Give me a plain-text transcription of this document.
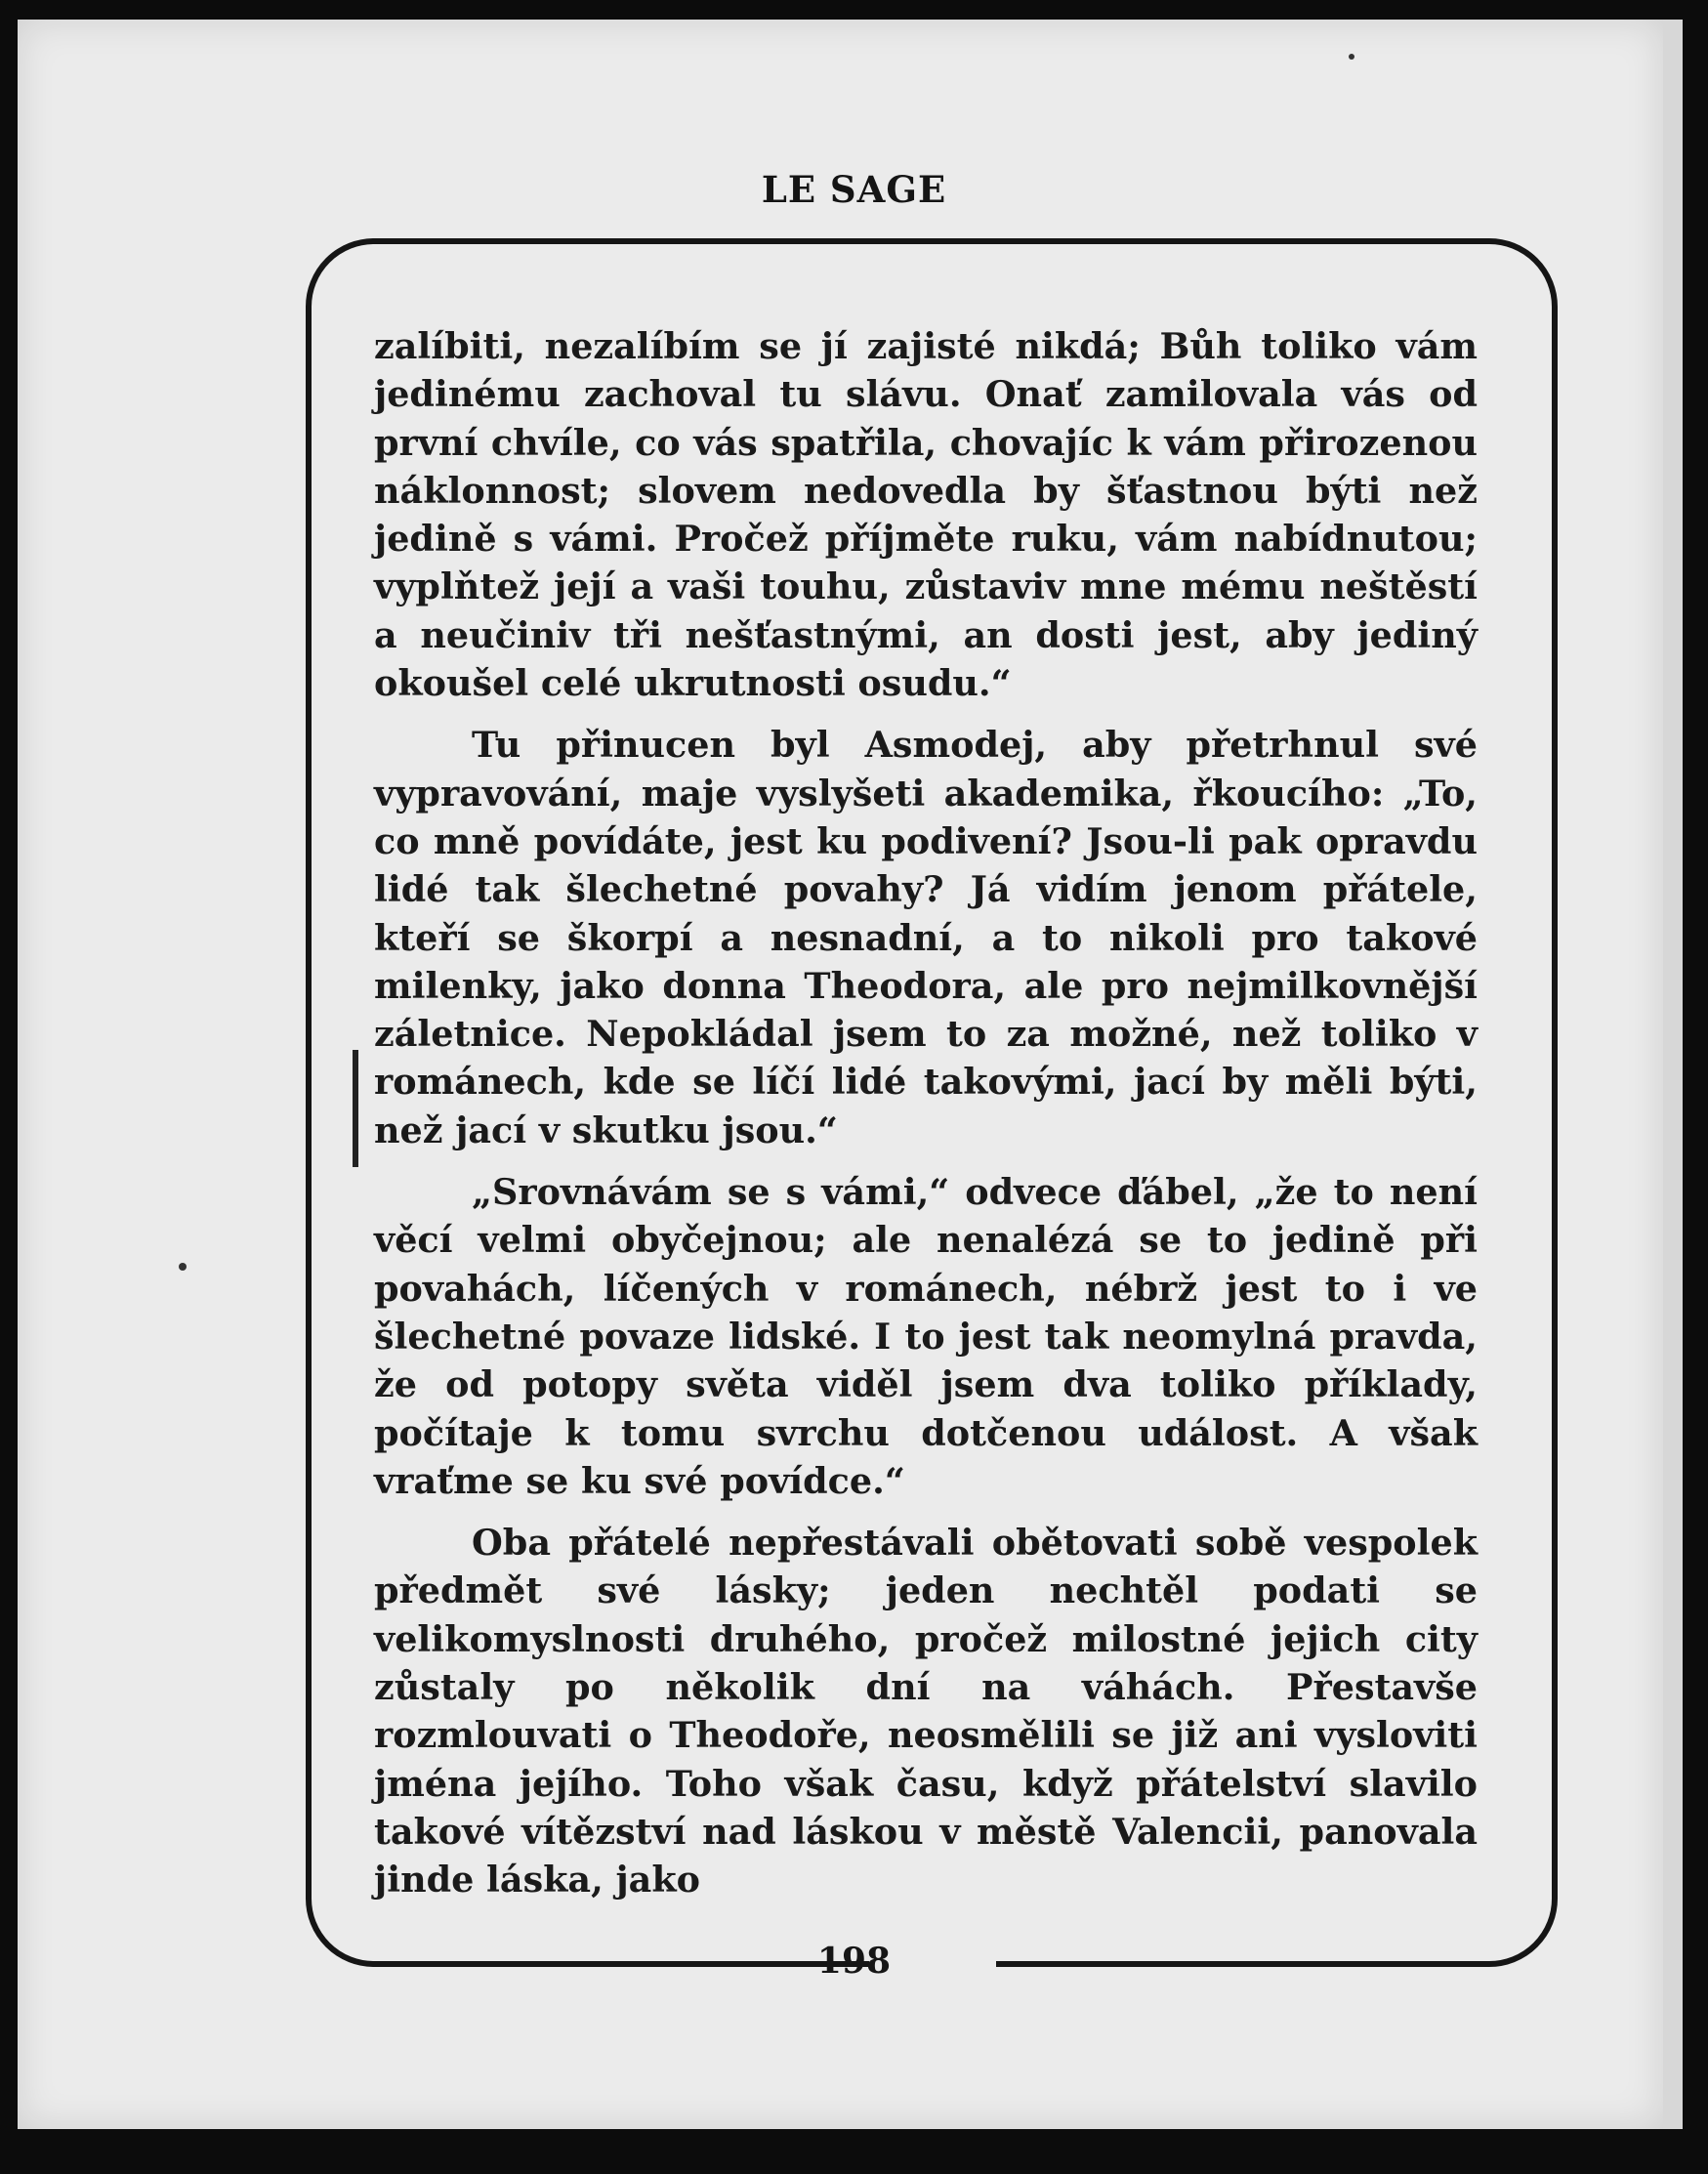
LE SAGE

zalíbiti, nezalíbím se jí zajisté nikdá; Bůh toliko vám jedinému zachoval tu slávu. Onať zamilovala vás od první chvíle, co vás spatřila, chovajíc k vám přirozenou náklonnost; slovem nedovedla by šťastnou býti než jedině s vámi. Pročež příjměte ruku, vám nabídnutou; vyplňtež její a vaši touhu, zůstaviv mne mému neštěstí a neučiniv tři nešťastnými, an dosti jest, aby jediný okoušel celé ukrutnosti osudu.“

Tu přinucen byl Asmodej, aby přetrhnul své vypravování, maje vyslyšeti akademika, řkoucího: „To, co mně povídáte, jest ku podivení? Jsou-li pak opravdu lidé tak šlechetné povahy? Já vidím jenom přátele, kteří se škorpí a nesnadní, a to nikoli pro takové milenky, jako donna Theodora, ale pro nejmilkovnější záletnice. Nepokládal jsem to za možné, než toliko v románech, kde se líčí lidé takovými, jací by měli býti, než jací v skutku jsou.“

„Srovnávám se s vámi,“ odvece ďábel, „že to není věcí velmi obyčejnou; ale nenalézá se to jedině při povahách, líčených v románech, nébrž jest to i ve šlechetné povaze lidské. I to jest tak neomylná pravda, že od potopy světa viděl jsem dva toliko příklady, počítaje k tomu svrchu dotčenou událost. A však vraťme se ku své povídce.“

Oba přátelé nepřestávali obětovati sobě vespolek předmět své lásky; jeden nechtěl podati se velikomyslnosti druhého, pročež milostné jejich city zůstaly po několik dní na váhách. Přestavše rozmlouvati o Theodoře, neosmělili se již ani vysloviti jména jejího. Toho však času, když přátelství slavilo takové vítězství nad láskou v městě Valencii, panovala jinde láska, jako

198
